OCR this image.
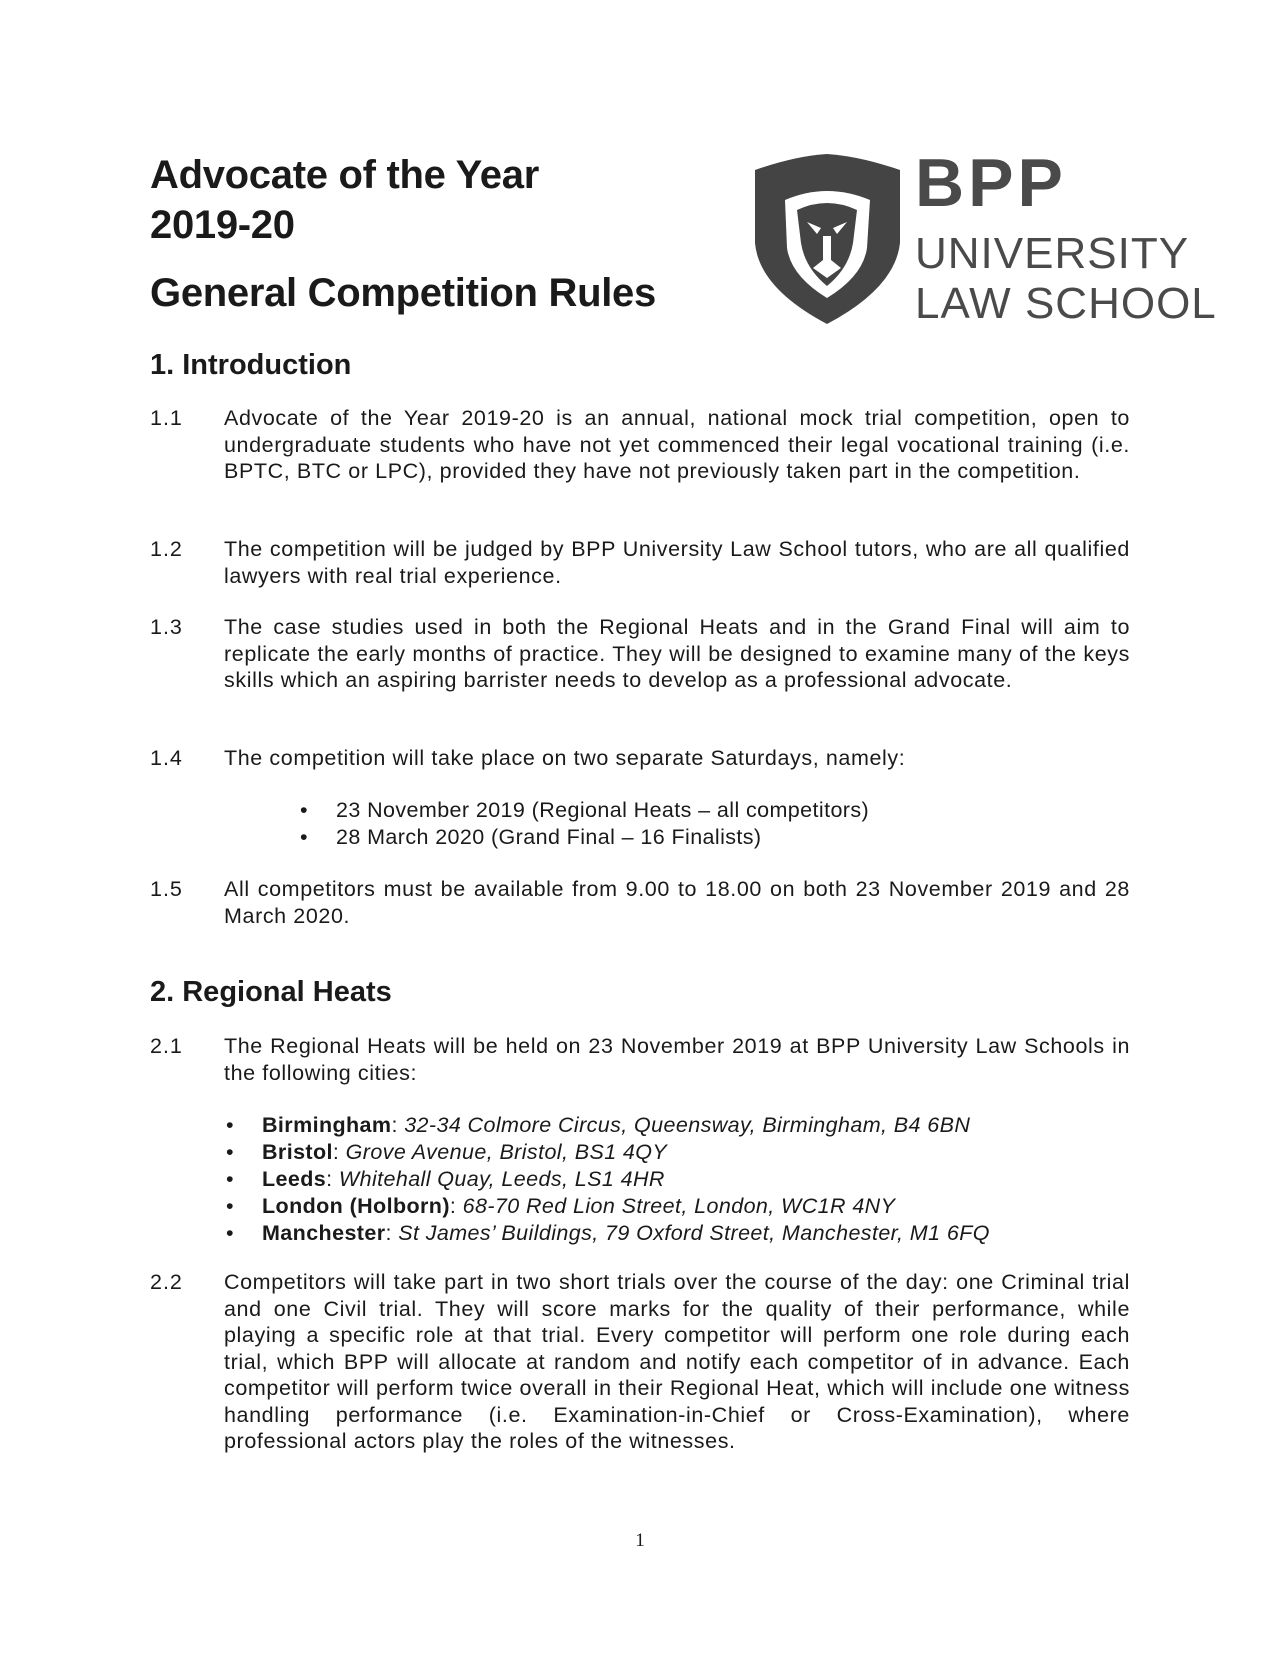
Advocate of the Year
2019-20
General Competition Rules
BPP
UNIVERSITY
LAW SCHOOL
1. Introduction
1.1	Advocate of the Year 2019-20 is an annual, national mock trial competition, open to undergraduate students who have not yet commenced their legal vocational training (i.e. BPTC, BTC or LPC), provided they have not previously taken part in the competition.
1.2	The competition will be judged by BPP University Law School tutors, who are all qualified lawyers with real trial experience.
1.3	The case studies used in both the Regional Heats and in the Grand Final will aim to replicate the early months of practice. They will be designed to examine many of the keys skills which an aspiring barrister needs to develop as a professional advocate.
1.4	The competition will take place on two separate Saturdays, namely:
• 23 November 2019 (Regional Heats – all competitors)
• 28 March 2020 (Grand Final – 16 Finalists)
1.5	All competitors must be available from 9.00 to 18.00 on both 23 November 2019 and 28 March 2020.
2. Regional Heats
2.1	The Regional Heats will be held on 23 November 2019 at BPP University Law Schools in the following cities:
• Birmingham: 32-34 Colmore Circus, Queensway, Birmingham, B4 6BN
• Bristol: Grove Avenue, Bristol, BS1 4QY
• Leeds: Whitehall Quay, Leeds, LS1 4HR
• London (Holborn): 68-70 Red Lion Street, London, WC1R 4NY
• Manchester: St James’ Buildings, 79 Oxford Street, Manchester, M1 6FQ
2.2	Competitors will take part in two short trials over the course of the day: one Criminal trial and one Civil trial. They will score marks for the quality of their performance, while playing a specific role at that trial. Every competitor will perform one role during each trial, which BPP will allocate at random and notify each competitor of in advance. Each competitor will perform twice overall in their Regional Heat, which will include one witness handling performance (i.e. Examination-in-Chief or Cross-Examination), where professional actors play the roles of the witnesses.
1
